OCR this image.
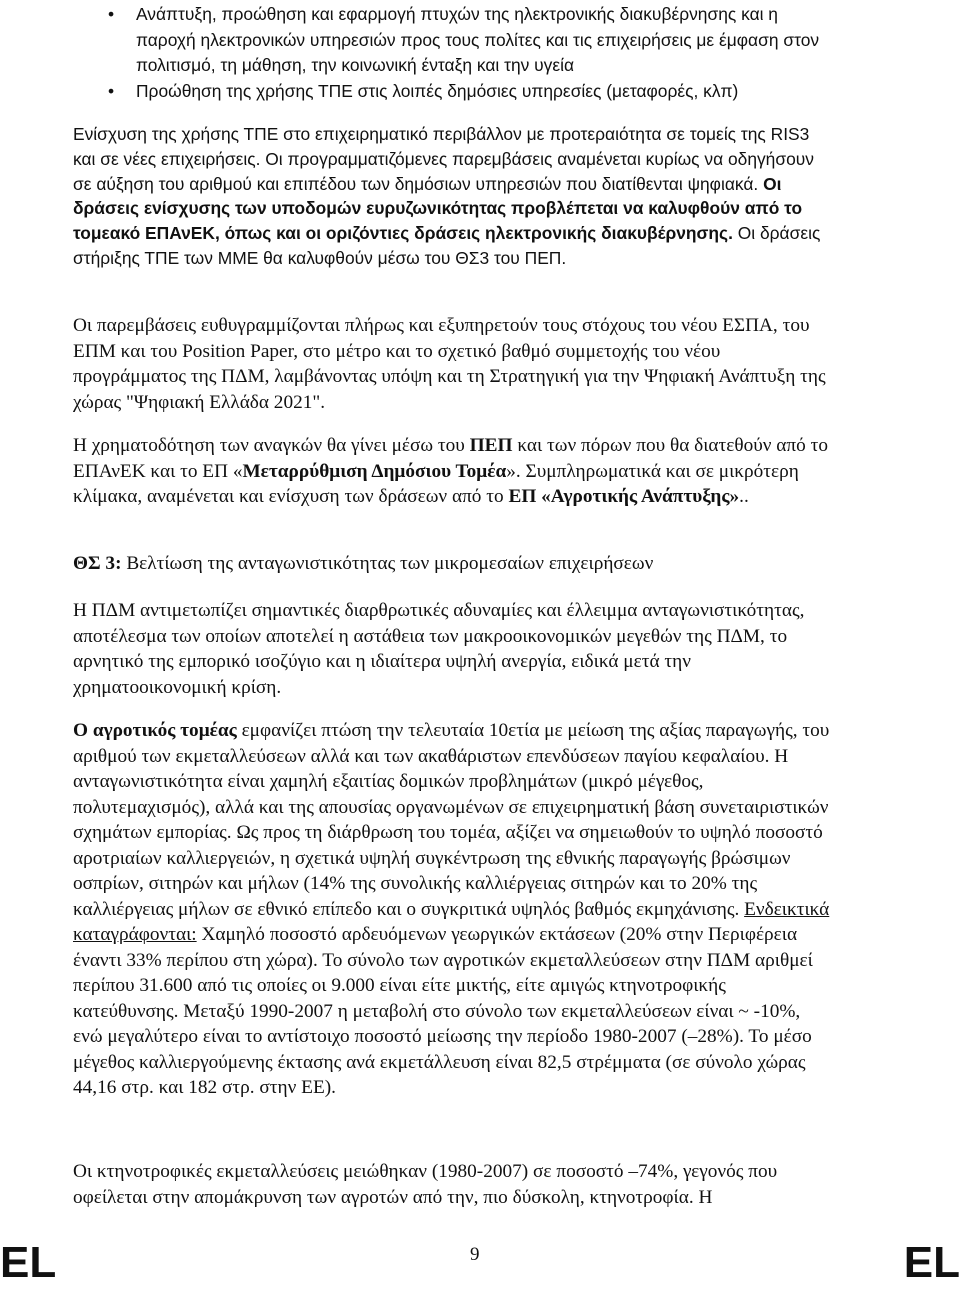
• Ανάπτυξη, προώθηση και εφαρμογή πτυχών της ηλεκτρονικής διακυβέρνησης και η παροχή ηλεκτρονικών υπηρεσιών προς τους πολίτες και τις επιχειρήσεις με έμφαση στον πολιτισμό, τη μάθηση, την κοινωνική ένταξη και την υγεία
• Προώθηση της χρήσης ΤΠΕ στις λοιπές δημόσιες υπηρεσίες (μεταφορές, κλπ)

Ενίσχυση της χρήσης ΤΠΕ στο επιχειρηματικό περιβάλλον με προτεραιότητα σε τομείς της RIS3 και σε νέες επιχειρήσεις. Οι προγραμματιζόμενες παρεμβάσεις αναμένεται κυρίως να οδηγήσουν σε αύξηση του αριθμού και επιπέδου των δημόσιων υπηρεσιών που διατίθενται ψηφιακά. Οι δράσεις ενίσχυσης των υποδομών ευρυζωνικότητας προβλέπεται να καλυφθούν από το τομεακό ΕΠΑνΕΚ, όπως και οι οριζόντιες δράσεις ηλεκτρονικής διακυβέρνησης. Οι δράσεις στήριξης ΤΠΕ των ΜΜΕ θα καλυφθούν μέσω του ΘΣ3 του ΠΕΠ.

Οι παρεμβάσεις ευθυγραμμίζονται πλήρως και εξυπηρετούν τους στόχους του νέου ΕΣΠΑ, του ΕΠΜ και του Position Paper, στο μέτρο και το σχετικό βαθμό συμμετοχής του νέου προγράμματος της ΠΔΜ, λαμβάνοντας υπόψη και τη Στρατηγική για την Ψηφιακή Ανάπτυξη της χώρας "Ψηφιακή Ελλάδα 2021".

Η χρηματοδότηση των αναγκών θα γίνει μέσω του ΠΕΠ και των πόρων που θα διατεθούν από το ΕΠΑνΕΚ και το ΕΠ «Μεταρρύθμιση Δημόσιου Τομέα». Συμπληρωματικά και σε μικρότερη κλίμακα, αναμένεται και ενίσχυση των δράσεων από το ΕΠ «Αγροτικής Ανάπτυξης»..

ΘΣ 3: Βελτίωση της ανταγωνιστικότητας των μικρομεσαίων επιχειρήσεων

Η ΠΔΜ αντιμετωπίζει σημαντικές διαρθρωτικές αδυναμίες και έλλειμμα ανταγωνιστικότητας, αποτέλεσμα των οποίων αποτελεί η αστάθεια των μακροοικονομικών μεγεθών της ΠΔΜ, το αρνητικό της εμπορικό ισοζύγιο και η ιδιαίτερα υψηλή ανεργία, ειδικά μετά την χρηματοοικονομική κρίση.

Ο αγροτικός τομέας εμφανίζει πτώση την τελευταία 10ετία με μείωση της αξίας παραγωγής, του αριθμού των εκμεταλλεύσεων αλλά και των ακαθάριστων επενδύσεων παγίου κεφαλαίου. Η ανταγωνιστικότητα είναι χαμηλή εξαιτίας δομικών προβλημάτων (μικρό μέγεθος, πολυτεμαχισμός), αλλά και της απουσίας οργανωμένων σε επιχειρηματική βάση συνεταιριστικών σχημάτων εμπορίας. Ως προς τη διάρθρωση του τομέα, αξίζει να σημειωθούν το υψηλό ποσοστό αροτριαίων καλλιεργειών, η σχετικά υψηλή συγκέντρωση της εθνικής παραγωγής βρώσιμων οσπρίων, σιτηρών και μήλων (14% της συνολικής καλλιέργειας σιτηρών και το 20% της καλλιέργειας μήλων σε εθνικό επίπεδο και ο συγκριτικά υψηλός βαθμός εκμηχάνισης. Ενδεικτικά καταγράφονται: Χαμηλό ποσοστό αρδευόμενων γεωργικών εκτάσεων (20% στην Περιφέρεια έναντι 33% περίπου στη χώρα). Το σύνολο των αγροτικών εκμεταλλεύσεων στην ΠΔΜ αριθμεί περίπου 31.600 από τις οποίες οι 9.000 είναι είτε μικτής, είτε αμιγώς κτηνοτροφικής κατεύθυνσης. Μεταξύ 1990-2007 η μεταβολή στο σύνολο των εκμεταλλεύσεων είναι ~ -10%, ενώ μεγαλύτερο είναι το αντίστοιχο ποσοστό μείωσης την περίοδο 1980-2007 (–28%). Το μέσο μέγεθος καλλιεργούμενης έκτασης ανά εκμετάλλευση είναι 82,5 στρέμματα (σε σύνολο χώρας 44,16 στρ. και 182 στρ. στην ΕΕ).

Οι κτηνοτροφικές εκμεταλλεύσεις μειώθηκαν (1980-2007) σε ποσοστό –74%, γεγονός που οφείλεται στην απομάκρυνση των αγροτών από την, πιο δύσκολη, κτηνοτροφία. Η

EL	9	EL
